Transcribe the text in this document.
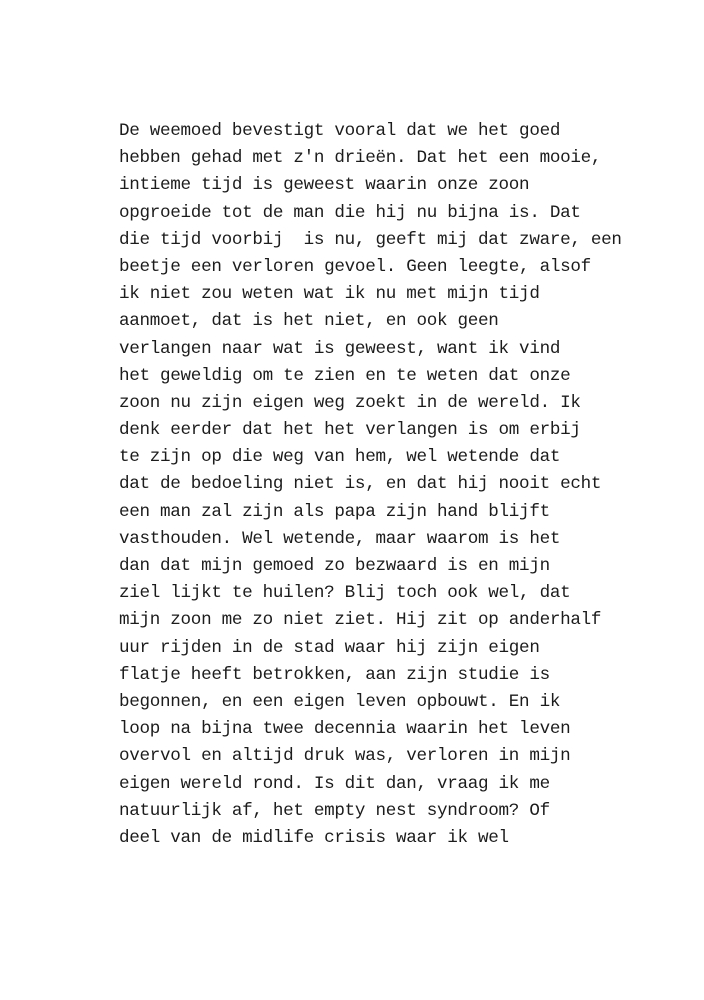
De weemoed bevestigt vooral dat we het goed
hebben gehad met z'n drieën. Dat het een mooie,
intieme tijd is geweest waarin onze zoon
opgroeide tot de man die hij nu bijna is. Dat
die tijd voorbij  is nu, geeft mij dat zware, een
beetje een verloren gevoel. Geen leegte, alsof
ik niet zou weten wat ik nu met mijn tijd
aanmoet, dat is het niet, en ook geen
verlangen naar wat is geweest, want ik vind
het geweldig om te zien en te weten dat onze
zoon nu zijn eigen weg zoekt in de wereld. Ik
denk eerder dat het het verlangen is om erbij
te zijn op die weg van hem, wel wetende dat
dat de bedoeling niet is, en dat hij nooit echt
een man zal zijn als papa zijn hand blijft
vasthouden. Wel wetende, maar waarom is het
dan dat mijn gemoed zo bezwaard is en mijn
ziel lijkt te huilen? Blij toch ook wel, dat
mijn zoon me zo niet ziet. Hij zit op anderhalf
uur rijden in de stad waar hij zijn eigen
flatje heeft betrokken, aan zijn studie is
begonnen, en een eigen leven opbouwt. En ik
loop na bijna twee decennia waarin het leven
overvol en altijd druk was, verloren in mijn
eigen wereld rond. Is dit dan, vraag ik me
natuurlijk af, het empty nest syndroom? Of
deel van de midlife crisis waar ik wel
